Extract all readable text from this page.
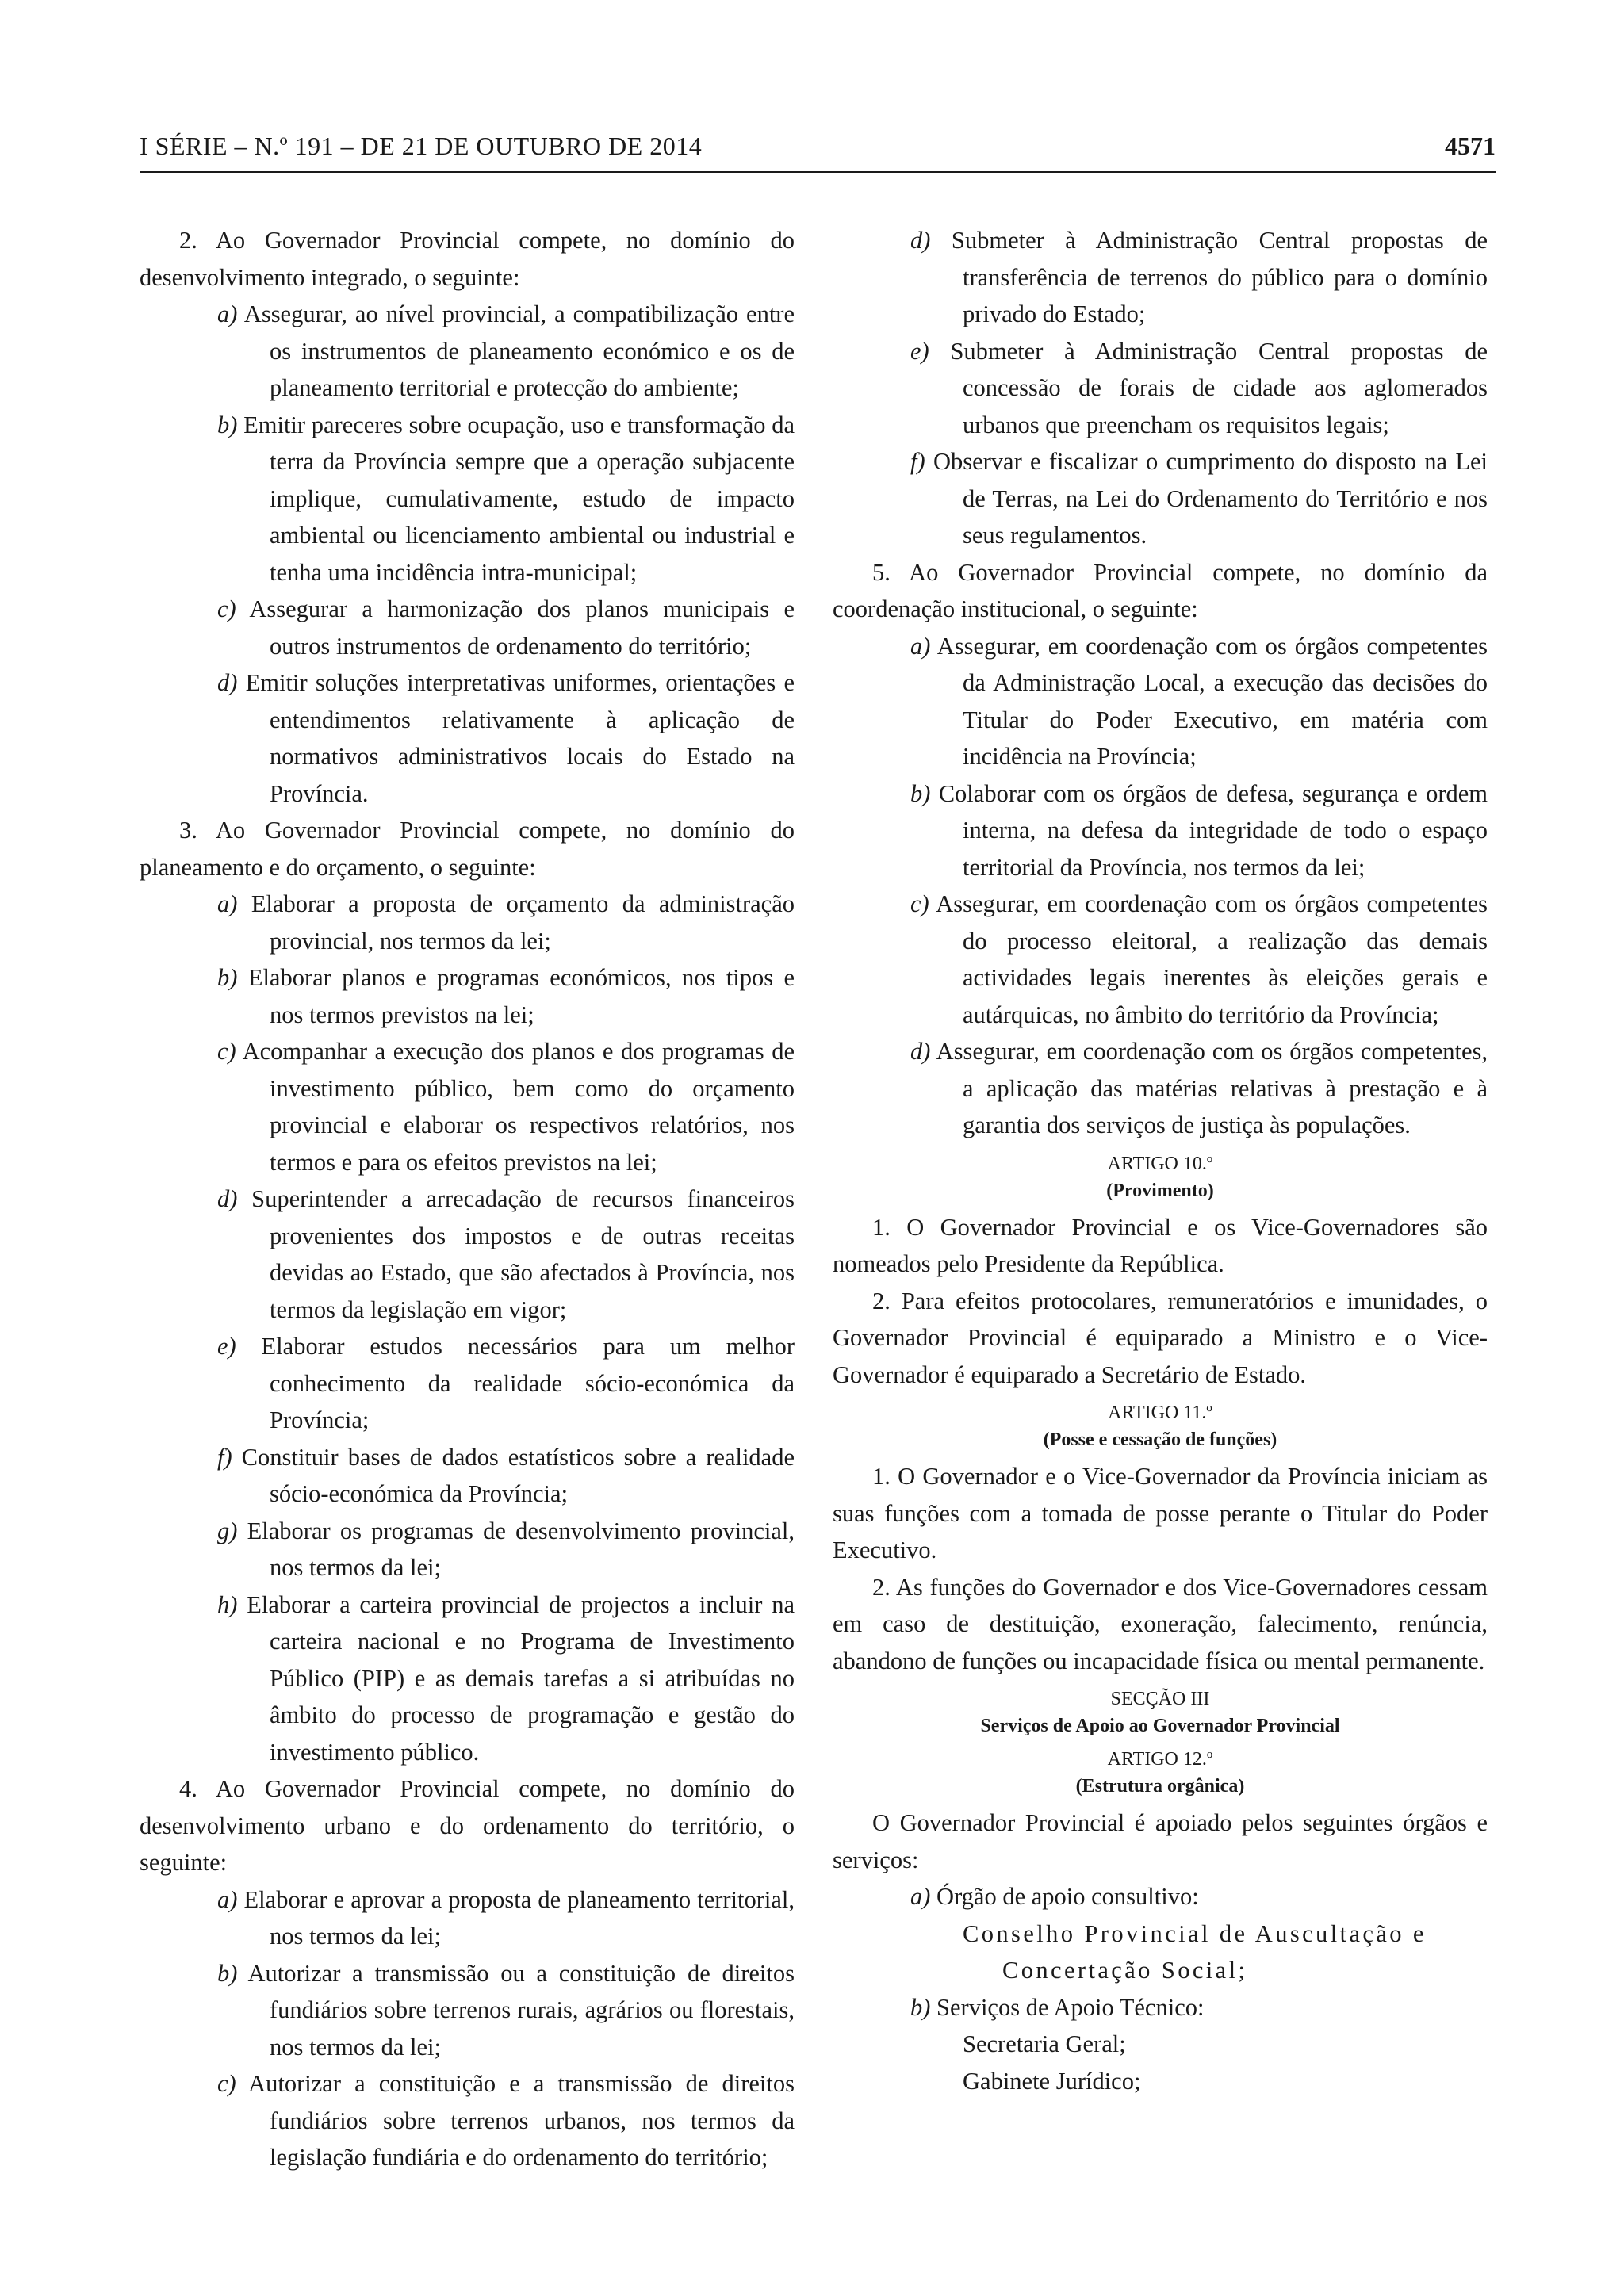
I SÉRIE – N.º 191 – DE 21 DE OUTUBRO DE 2014	4571

2. Ao Governador Provincial compete, no domínio do desenvolvimento integrado, o seguinte:

a) Assegurar, ao nível provincial, a compatibilização entre os instrumentos de planeamento económico e os de planeamento territorial e protecção do ambiente;

b) Emitir pareceres sobre ocupação, uso e transformação da terra da Província sempre que a operação subjacente implique, cumulativamente, estudo de impacto ambiental ou licenciamento ambiental ou industrial e tenha uma incidência intra-municipal;

c) Assegurar a harmonização dos planos municipais e outros instrumentos de ordenamento do território;

d) Emitir soluções interpretativas uniformes, orientações e entendimentos relativamente à aplicação de normativos administrativos locais do Estado na Província.

3. Ao Governador Provincial compete, no domínio do planeamento e do orçamento, o seguinte:

a) Elaborar a proposta de orçamento da administração provincial, nos termos da lei;

b) Elaborar planos e programas económicos, nos tipos e nos termos previstos na lei;

c) Acompanhar a execução dos planos e dos programas de investimento público, bem como do orçamento provincial e elaborar os respectivos relatórios, nos termos e para os efeitos previstos na lei;

d) Superintender a arrecadação de recursos financeiros provenientes dos impostos e de outras receitas devidas ao Estado, que são afectados à Província, nos termos da legislação em vigor;

e) Elaborar estudos necessários para um melhor conhecimento da realidade sócio-económica da Província;

f) Constituir bases de dados estatísticos sobre a realidade sócio-económica da Província;

g) Elaborar os programas de desenvolvimento provincial, nos termos da lei;

h) Elaborar a carteira provincial de projectos a incluir na carteira nacional e no Programa de Investimento Público (PIP) e as demais tarefas a si atribuídas no âmbito do processo de programação e gestão do investimento público.

4. Ao Governador Provincial compete, no domínio do desenvolvimento urbano e do ordenamento do território, o seguinte:

a) Elaborar e aprovar a proposta de planeamento territorial, nos termos da lei;

b) Autorizar a transmissão ou a constituição de direitos fundiários sobre terrenos rurais, agrários ou florestais, nos termos da lei;

c) Autorizar a constituição e a transmissão de direitos fundiários sobre terrenos urbanos, nos termos da legislação fundiária e do ordenamento do território;

d) Submeter à Administração Central propostas de transferência de terrenos do público para o domínio privado do Estado;

e) Submeter à Administração Central propostas de concessão de forais de cidade aos aglomerados urbanos que preencham os requisitos legais;

f) Observar e fiscalizar o cumprimento do disposto na Lei de Terras, na Lei do Ordenamento do Território e nos seus regulamentos.

5. Ao Governador Provincial compete, no domínio da coordenação institucional, o seguinte:

a) Assegurar, em coordenação com os órgãos competentes da Administração Local, a execução das decisões do Titular do Poder Executivo, em matéria com incidência na Província;

b) Colaborar com os órgãos de defesa, segurança e ordem interna, na defesa da integridade de todo o espaço territorial da Província, nos termos da lei;

c) Assegurar, em coordenação com os órgãos competentes do processo eleitoral, a realização das demais actividades legais inerentes às eleições gerais e autárquicas, no âmbito do território da Província;

d) Assegurar, em coordenação com os órgãos competentes, a aplicação das matérias relativas à prestação e à garantia dos serviços de justiça às populações.

ARTIGO 10.º

(Provimento)

1. O Governador Provincial e os Vice-Governadores são nomeados pelo Presidente da República.

2. Para efeitos protocolares, remuneratórios e imunidades, o Governador Provincial é equiparado a Ministro e o Vice-Governador é equiparado a Secretário de Estado.

ARTIGO 11.º

(Posse e cessação de funções)

1. O Governador e o Vice-Governador da Província iniciam as suas funções com a tomada de posse perante o Titular do Poder Executivo.

2. As funções do Governador e dos Vice-Governadores cessam em caso de destituição, exoneração, falecimento, renúncia, abandono de funções ou incapacidade física ou mental permanente.

SECÇÃO III

Serviços de Apoio ao Governador Provincial

ARTIGO 12.º

(Estrutura orgânica)

O Governador Provincial é apoiado pelos seguintes órgãos e serviços:

a) Órgão de apoio consultivo:

Conselho Provincial de Auscultação e Concertação Social;

b) Serviços de Apoio Técnico:

Secretaria Geral;

Gabinete Jurídico;
